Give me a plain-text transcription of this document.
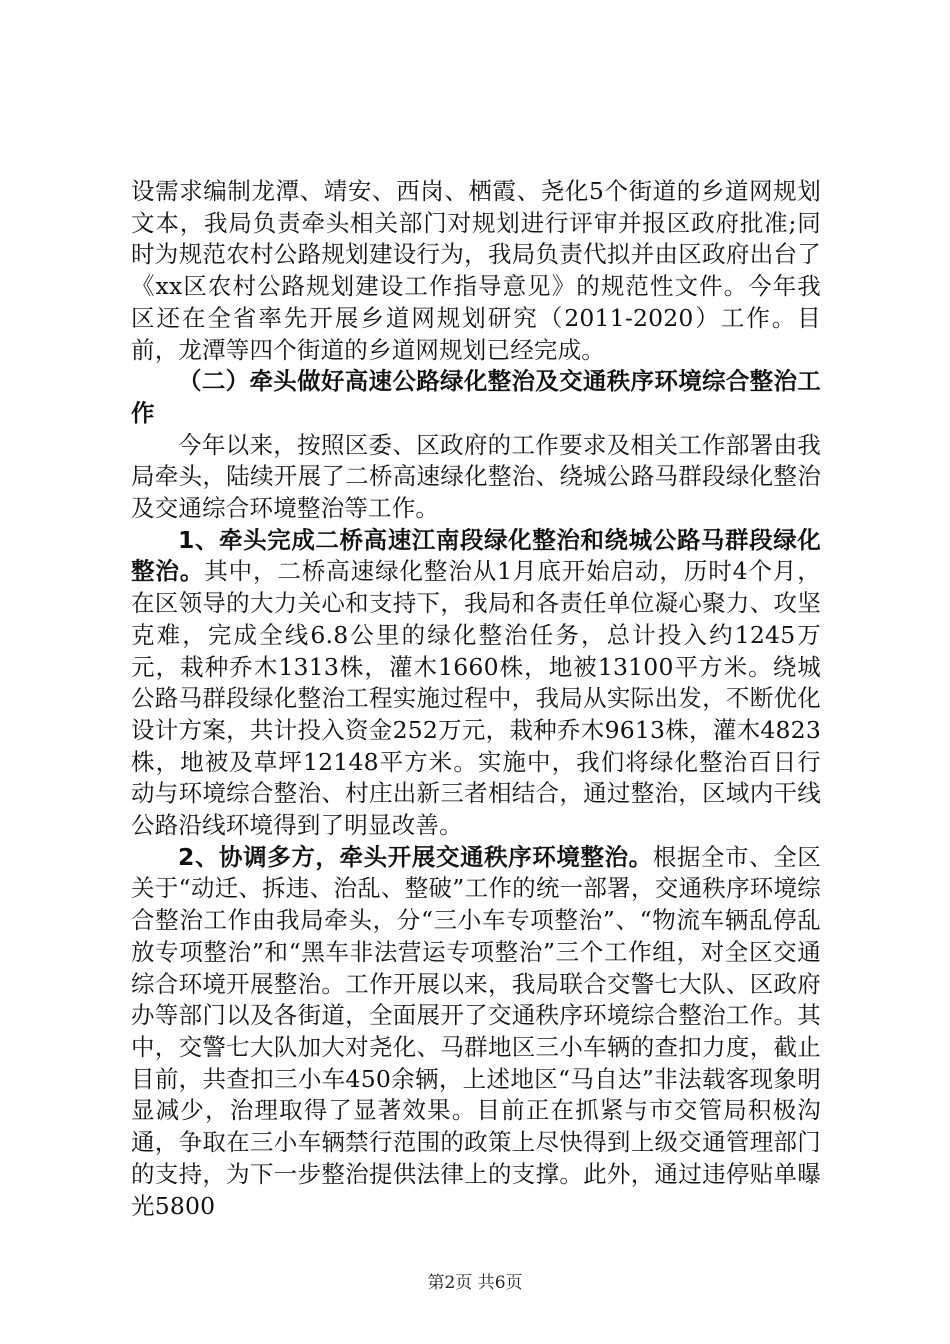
设需求编制龙潭、靖安、西岗、栖霞、尧化5个街道的乡道网规划文本，我局负责牵头相关部门对规划进行评审并报区政府批准;同时为规范农村公路规划建设行为，我局负责代拟并由区政府出台了《xx区农村公路规划建设工作指导意见》的规范性文件。今年我区还在全省率先开展乡道网规划研究（2011-2020）工作。目前，龙潭等四个街道的乡道网规划已经完成。

（二）牵头做好高速公路绿化整治及交通秩序环境综合整治工作

今年以来，按照区委、区政府的工作要求及相关工作部署由我局牵头，陆续开展了二桥高速绿化整治、绕城公路马群段绿化整治及交通综合环境整治等工作。

1、牵头完成二桥高速江南段绿化整治和绕城公路马群段绿化整治。其中，二桥高速绿化整治从1月底开始启动，历时4个月，在区领导的大力关心和支持下，我局和各责任单位凝心聚力、攻坚克难，完成全线6.8公里的绿化整治任务，总计投入约1245万元，栽种乔木1313株，灌木1660株，地被13100平方米。绕城公路马群段绿化整治工程实施过程中，我局从实际出发，不断优化设计方案，共计投入资金252万元，栽种乔木9613株，灌木4823株，地被及草坪12148平方米。实施中，我们将绿化整治百日行动与环境综合整治、村庄出新三者相结合，通过整治，区域内干线公路沿线环境得到了明显改善。

2、协调多方，牵头开展交通秩序环境整治。根据全市、全区关于“动迁、拆违、治乱、整破”工作的统一部署，交通秩序环境综合整治工作由我局牵头，分“三小车专项整治”、“物流车辆乱停乱放专项整治”和“黑车非法营运专项整治”三个工作组，对全区交通综合环境开展整治。工作开展以来，我局联合交警七大队、区政府办等部门以及各街道，全面展开了交通秩序环境综合整治工作。其中，交警七大队加大对尧化、马群地区三小车辆的查扣力度，截止目前，共查扣三小车450余辆，上述地区“马自达”非法载客现象明显减少，治理取得了显著效果。目前正在抓紧与市交管局积极沟通，争取在三小车辆禁行范围的政策上尽快得到上级交通管理部门的支持，为下一步整治提供法律上的支撑。此外，通过违停贴单曝光5800

第2页 共6页
